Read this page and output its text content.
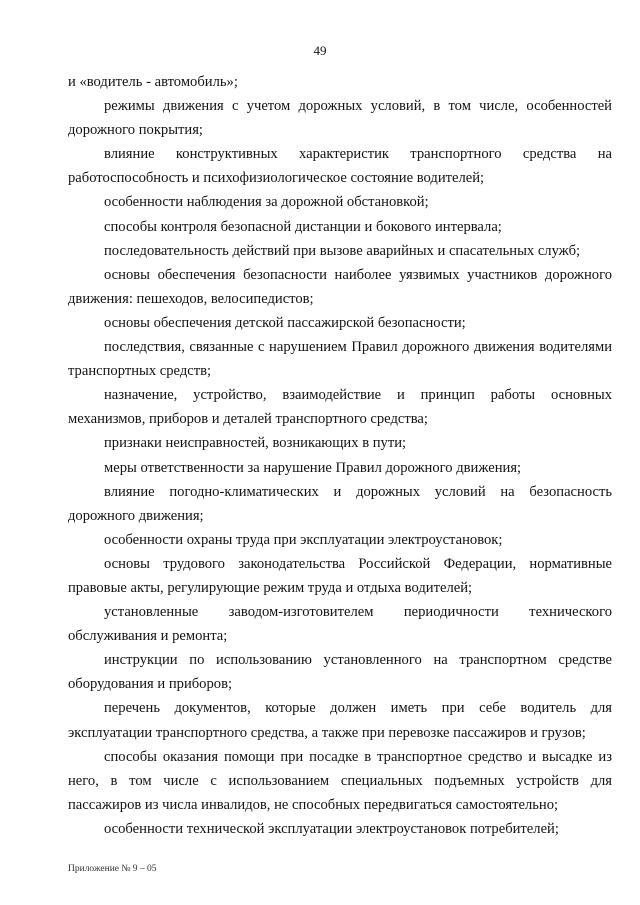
49

и «водитель - автомобиль»;

режимы движения с учетом дорожных условий, в том числе, особенностей дорожного покрытия;

влияние конструктивных характеристик транспортного средства на работоспособность и психофизиологическое состояние водителей;

особенности наблюдения за дорожной обстановкой;

способы контроля безопасной дистанции и бокового интервала;

последовательность действий при вызове аварийных и спасательных служб;

основы обеспечения безопасности наиболее уязвимых участников дорожного движения: пешеходов, велосипедистов;

основы обеспечения детской пассажирской безопасности;

последствия, связанные с нарушением Правил дорожного движения водителями транспортных средств;

назначение, устройство, взаимодействие и принцип работы основных механизмов, приборов и деталей транспортного средства;

признаки неисправностей, возникающих в пути;

меры ответственности за нарушение Правил дорожного движения;

влияние погодно-климатических и дорожных условий на безопасность дорожного движения;

особенности охраны труда при эксплуатации электроустановок;

основы трудового законодательства Российской Федерации, нормативные правовые акты, регулирующие режим труда и отдыха водителей;

установленные заводом-изготовителем периодичности технического обслуживания и ремонта;

инструкции по использованию установленного на транспортном средстве оборудования и приборов;

перечень документов, которые должен иметь при себе водитель для эксплуатации транспортного средства, а также при перевозке пассажиров и грузов;

способы оказания помощи при посадке в транспортное средство и высадке из него, в том числе с использованием специальных подъемных устройств для пассажиров из числа инвалидов, не способных передвигаться самостоятельно;

особенности технической эксплуатации электроустановок потребителей;

Приложение № 9 – 05
